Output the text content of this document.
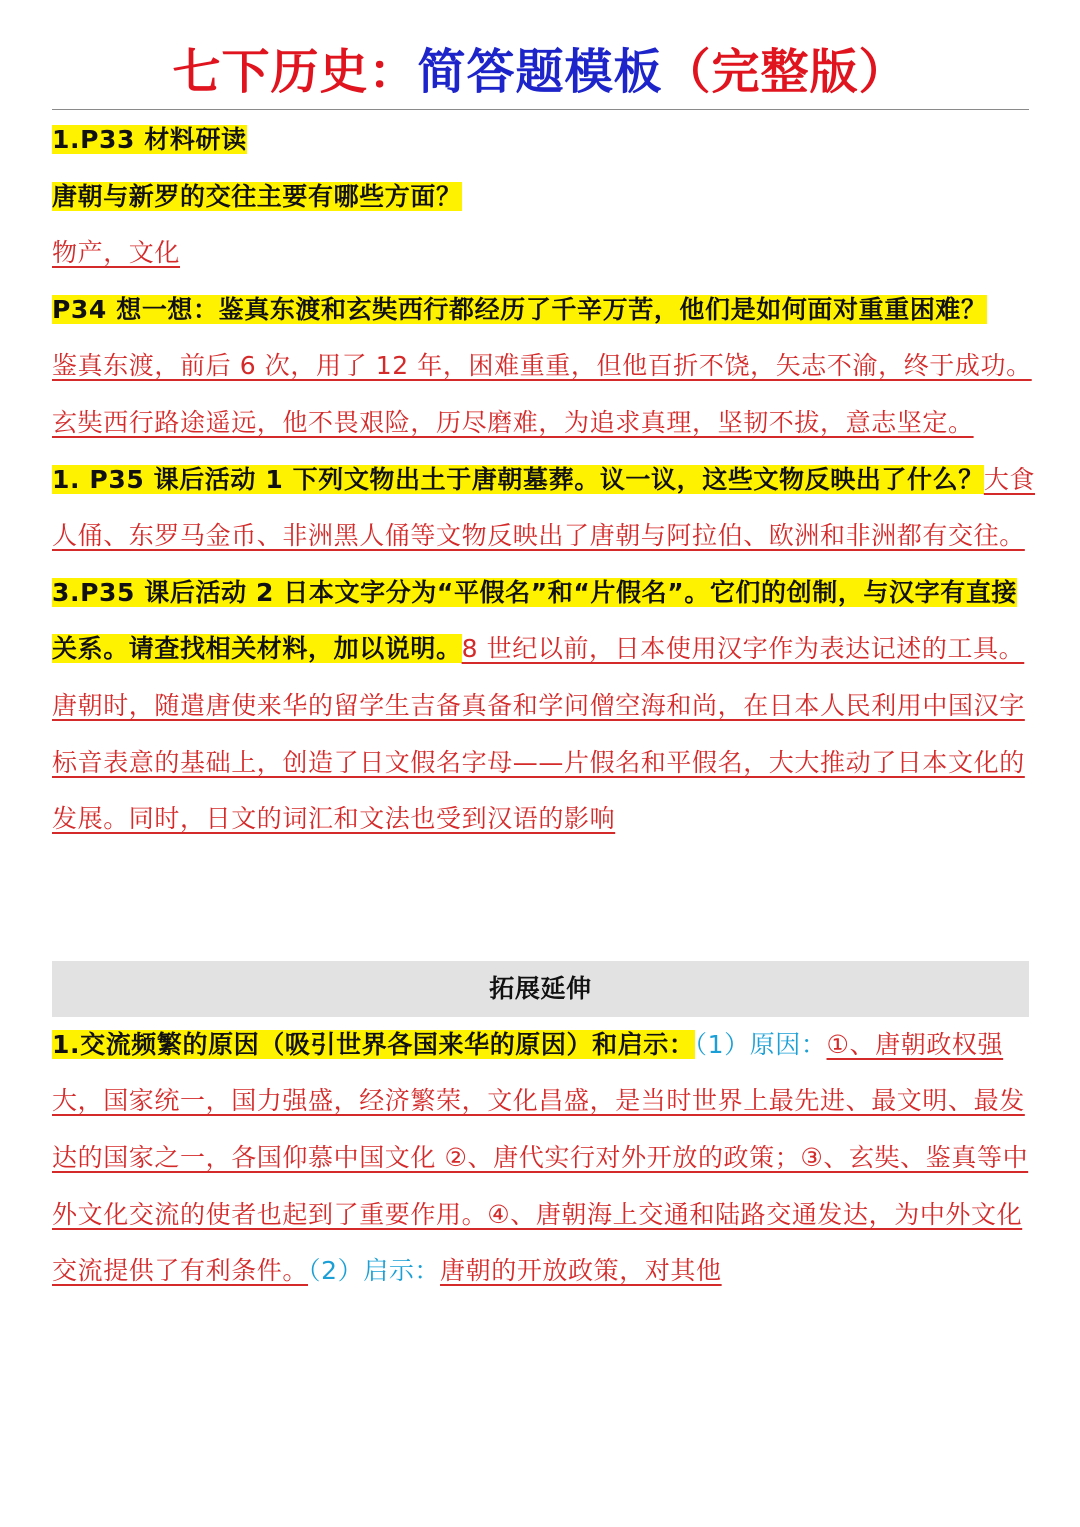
七下历史：简答题模板（完整版）

1.P33 材料研读

唐朝与新罗的交往主要有哪些方面？

物产，文化

P34 想一想：鉴真东渡和玄奘西行都经历了千辛万苦，他们是如何面对重重困难？

鉴真东渡，前后 6 次，用了 12 年，困难重重，但他百折不饶，矢志不渝，终于成功。玄奘西行路途遥远，他不畏艰险，历尽磨难，为追求真理，坚韧不拔，意志坚定。

1. P35 课后活动 1 下列文物出土于唐朝墓葬。议一议，这些文物反映出了什么？大食人俑、东罗马金币、非洲黑人俑等文物反映出了唐朝与阿拉伯、欧洲和非洲都有交往。

3.P35 课后活动 2 日本文字分为“平假名”和“片假名”。它们的创制，与汉字有直接关系。请查找相关材料，加以说明。8 世纪以前，日本使用汉字作为表达记述的工具。唐朝时，随遣唐使来华的留学生吉备真备和学问僧空海和尚，在日本人民利用中国汉字标音表意的基础上，创造了日文假名字母——片假名和平假名，大大推动了日本文化的发展。同时，日文的词汇和文法也受到汉语的影响

拓展延伸

1.交流频繁的原因（吸引世界各国来华的原因）和启示：（1）原因：①、唐朝政权强大，国家统一，国力强盛，经济繁荣，文化昌盛，是当时世界上最先进、最文明、最发达的国家之一，各国仰慕中国文化 ②、唐代实行对外开放的政策；③、玄奘、鉴真等中外文化交流的使者也起到了重要作用。④、唐朝海上交通和陆路交通发达，为中外文化交流提供了有利条件。（2）启示：唐朝的开放政策，对其他
